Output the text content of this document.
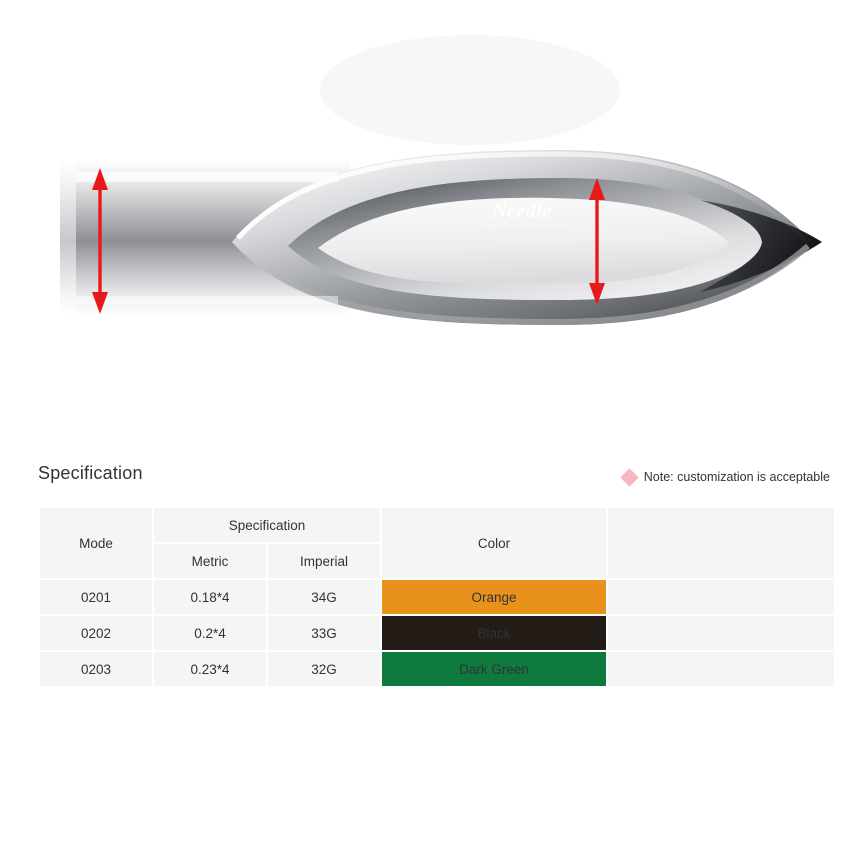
Needle
disposable needle for injection
Specification	Note: customization is acceptable
Mode	Specification		Color	
	Metric	Imperial		
0201	0.18*4	34G	Orange	
0202	0.2*4	33G	Black	
0203	0.23*4	32G	Dark Green	
